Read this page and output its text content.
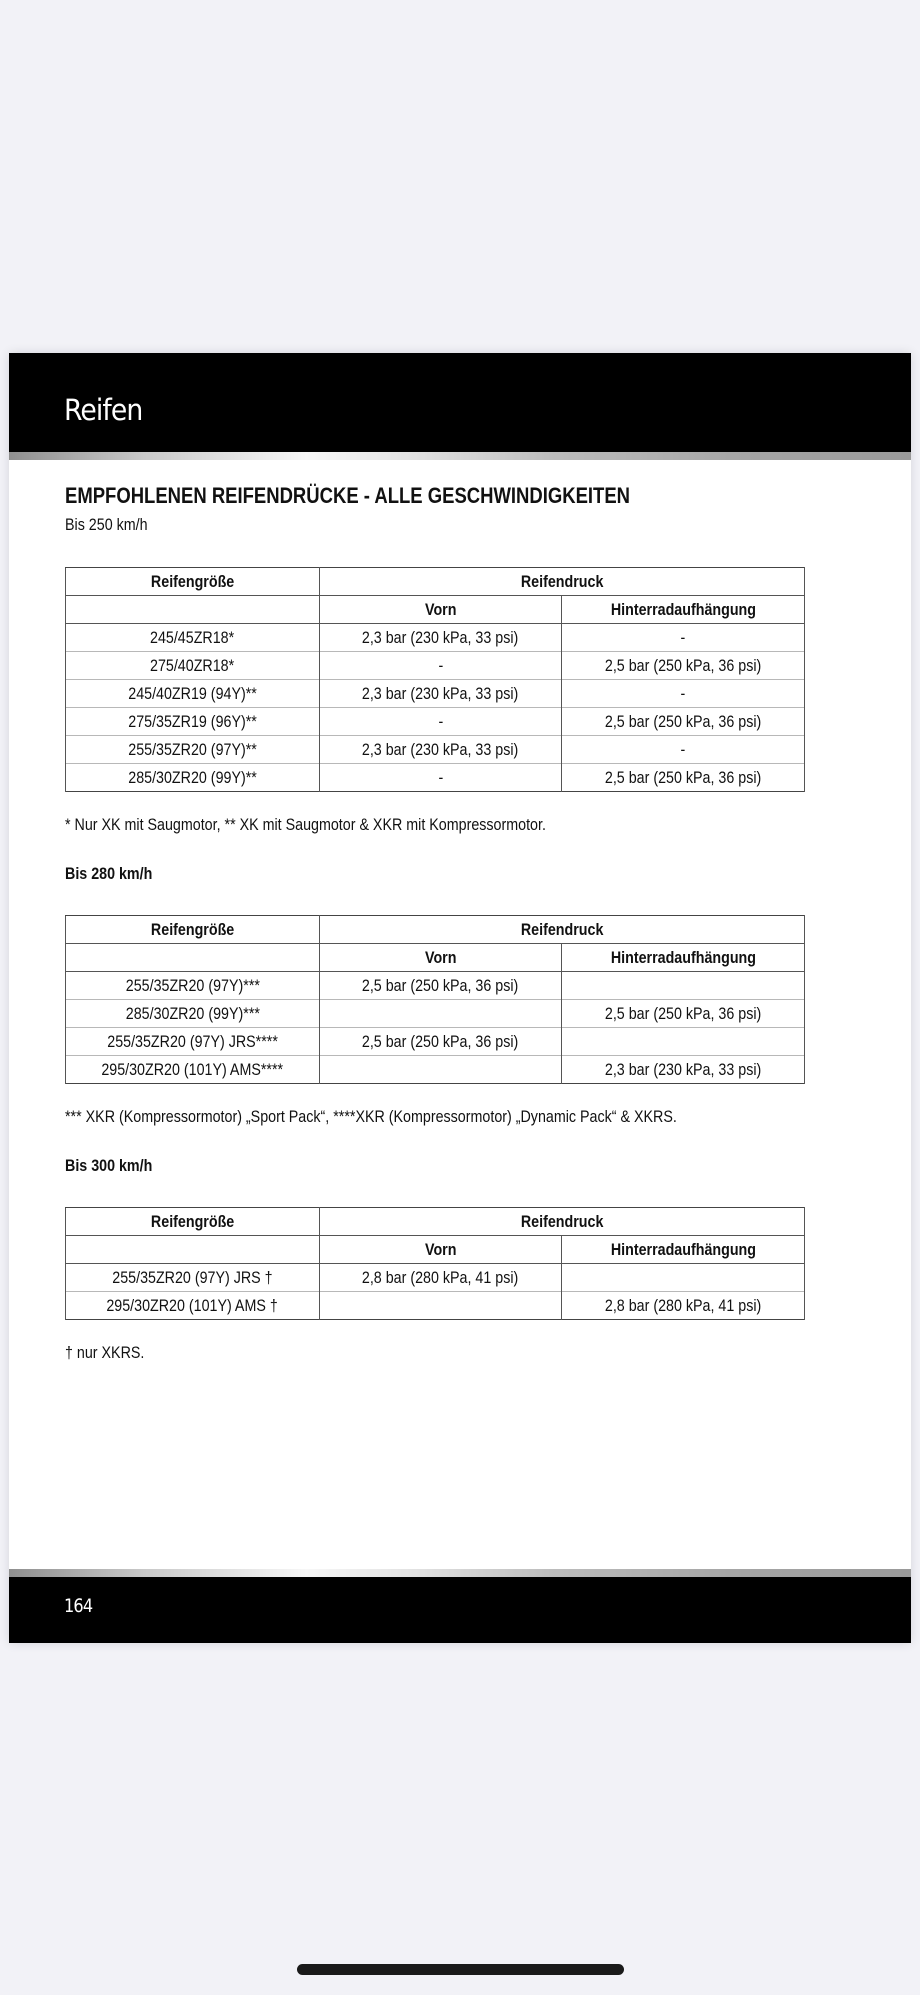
Reifen
EMPFOHLENEN REIFENDRÜCKE - ALLE GESCHWINDIGKEITEN
Bis 250 km/h
Reifengröße	Reifendruck	
	Vorn	Hinterradaufhängung
245/45ZR18*	2,3 bar (230 kPa, 33 psi)	-
275/40ZR18*	-	2,5 bar (250 kPa, 36 psi)
245/40ZR19 (94Y)**	2,3 bar (230 kPa, 33 psi)	-
275/35ZR19 (96Y)**	-	2,5 bar (250 kPa, 36 psi)
255/35ZR20 (97Y)**	2,3 bar (230 kPa, 33 psi)	-
285/30ZR20 (99Y)**	-	2,5 bar (250 kPa, 36 psi)
* Nur XK mit Saugmotor, ** XK mit Saugmotor & XKR mit Kompressormotor.
Bis 280 km/h
Reifengröße	Reifendruck	
	Vorn	Hinterradaufhängung
255/35ZR20 (97Y)***	2,5 bar (250 kPa, 36 psi)	
285/30ZR20 (99Y)***		2,5 bar (250 kPa, 36 psi)
255/35ZR20 (97Y) JRS****	2,5 bar (250 kPa, 36 psi)	
295/30ZR20 (101Y) AMS****		2,3 bar (230 kPa, 33 psi)
*** XKR (Kompressormotor) „Sport Pack“, ****XKR (Kompressormotor) „Dynamic Pack“ & XKRS.
Bis 300 km/h
Reifengröße	Reifendruck	
	Vorn	Hinterradaufhängung
255/35ZR20 (97Y) JRS †	2,8 bar (280 kPa, 41 psi)	
295/30ZR20 (101Y) AMS †		2,8 bar (280 kPa, 41 psi)
† nur XKRS.
164
